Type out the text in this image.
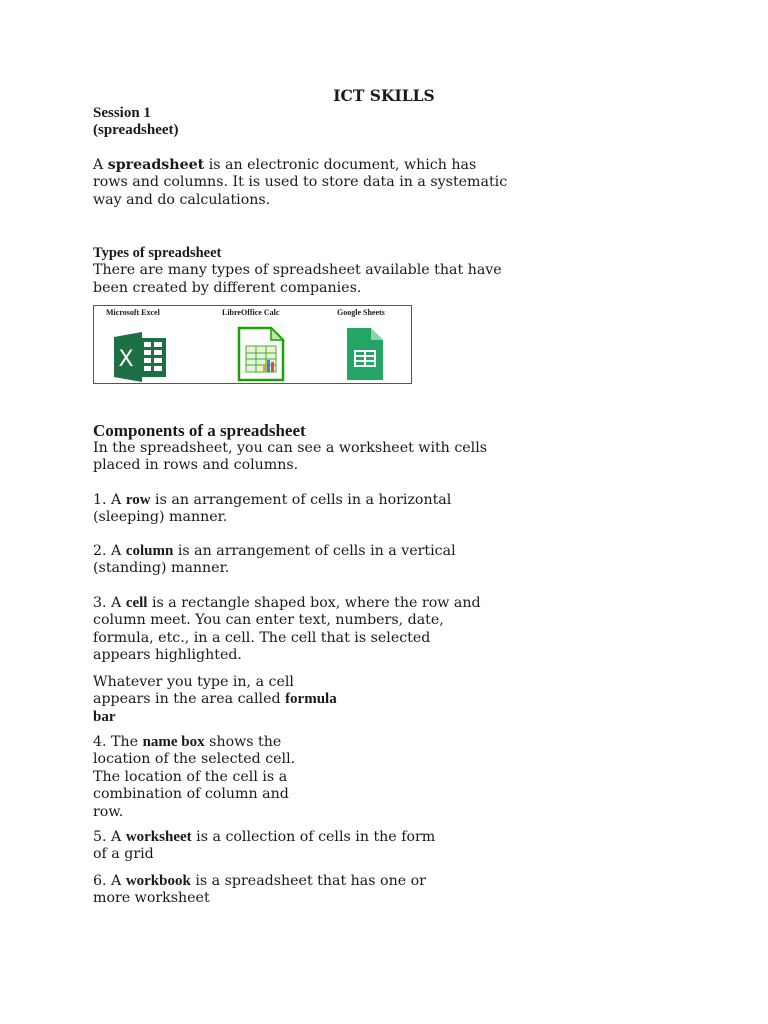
ICT SKILLS
Session 1
(spreadsheet)
A spreadsheet is an electronic document, which has
rows and columns. It is used to store data in a systematic
way and do calculations.
Types of spreadsheet
There are many types of spreadsheet available that have
been created by different companies.
Microsoft Excel
X
LibreOffice Calc	Google Sheets
Components of a spreadsheet
In the spreadsheet, you can see a worksheet with cells
placed in rows and columns.
1. A row is an arrangement of cells in a horizontal
(sleeping) manner.
2. A column is an arrangement of cells in a vertical
(standing) manner.
3. A cell is a rectangle shaped box, where the row and
column meet. You can enter text, numbers, date,
formula, etc., in a cell. The cell that is selected
appears highlighted.
Whatever you type in, a cell
appears in the area called formula
bar
4. The name box shows the
location of the selected cell.
The location of the cell is a
combination of column and
row.
5. A worksheet is a collection of cells in the form
of a grid
6. A workbook is a spreadsheet that has one or
more worksheet
